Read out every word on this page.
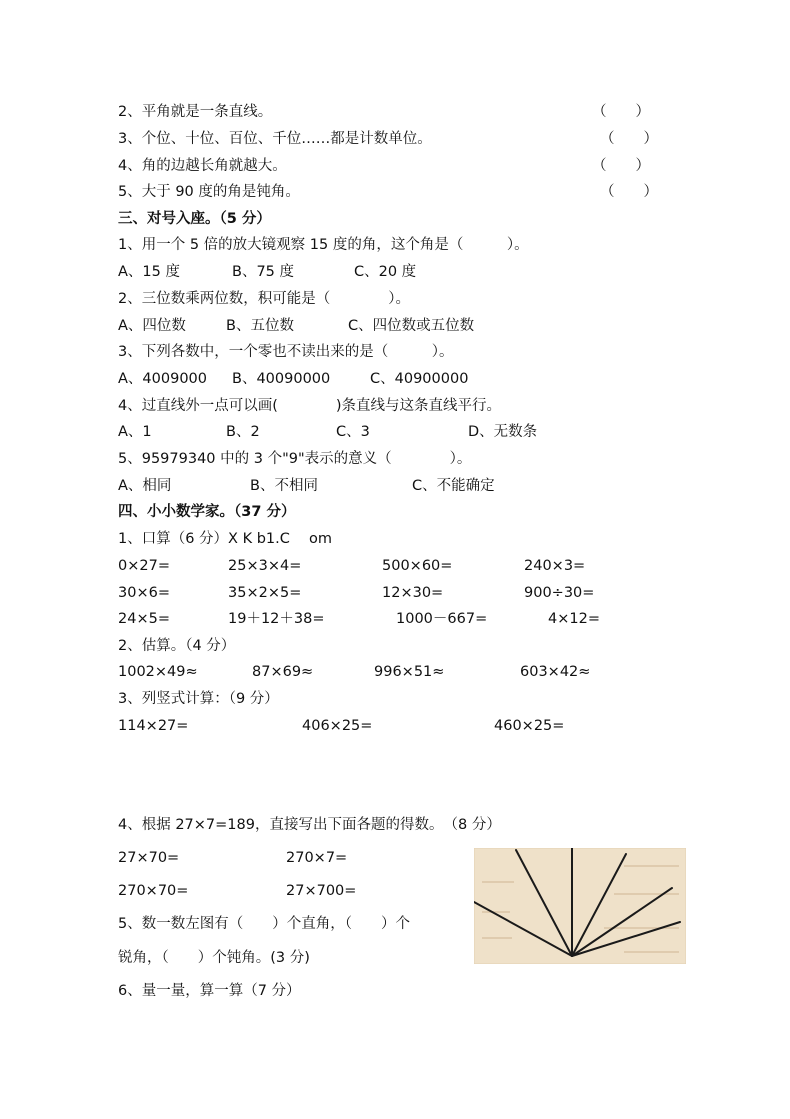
2、平角就是一条直线。	（　　）
3、个位、十位、百位、千位……都是计数单位。	（　　）
4、角的边越长角就越大。	（　　）
5、大于 90 度的角是钝角。	（　　）
三、对号入座。（5 分）
1、用一个 5 倍的放大镜观察 15 度的角，这个角是（　　　）。
A、15 度	B、75 度	C、20 度
2、三位数乘两位数，积可能是（　　　　）。
A、四位数	B、五位数	C、四位数或五位数
3、下列各数中，一个零也不读出来的是（　　　）。
A、4009000 B、40090000	C、40900000
4、过直线外一点可以画(　　　　)条直线与这条直线平行。
A、1	B、2	C、3	D、无数条
5、95979340 中的 3 个"9"表示的意义（　　　　）。
A、相同	B、不相同	C、不能确定
四、小小数学家。（37 分）
1、口算（6 分）X K b1.C　 om
0×27=	25×3×4=	500×60=	240×3=
30×6=	35×2×5=	12×30=	900÷30=
24×5=	19＋12＋38=	1000－667=	4×12=
2、估算。（4 分）
1002×49≈	87×69≈	996×51≈	603×42≈
3、列竖式计算：（9 分）
114×27=	406×25=	460×25=
4、根据 27×7=189，直接写出下面各题的得数。　（8 分）
27×70=	270×7=
270×70=	27×700=
5、数一数左图有（　　）个直角，（　　）个
锐角，（　　）个钝角。(3 分)
6、量一量，算一算（7 分）
